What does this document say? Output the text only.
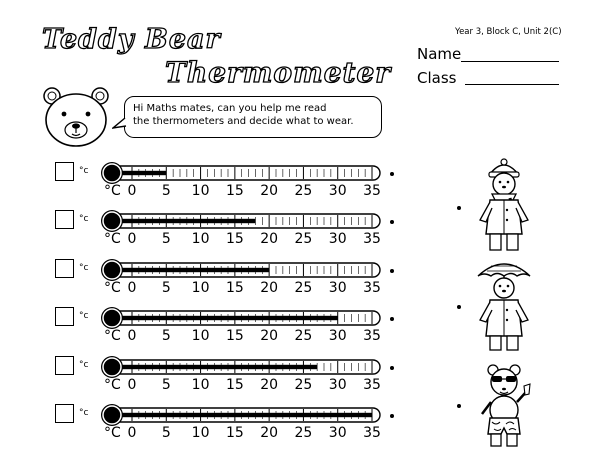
Teddy Bear
Thermometer
Year 3, Block C, Unit 2(C)
Name
Class
Hi Maths mates, can you help me read
the thermometers and decide what to wear.
°c
°c
°c
°c
°c
°c
°C 0 5 10 15 20 25 30 35
°C 0 5 10 15 20 25 30 35
°C 0 5 10 15 20 25 30 35
°C 0 5 10 15 20 25 30 35
°C 0 5 10 15 20 25 30 35
°C 0 5 10 15 20 25 30 35
